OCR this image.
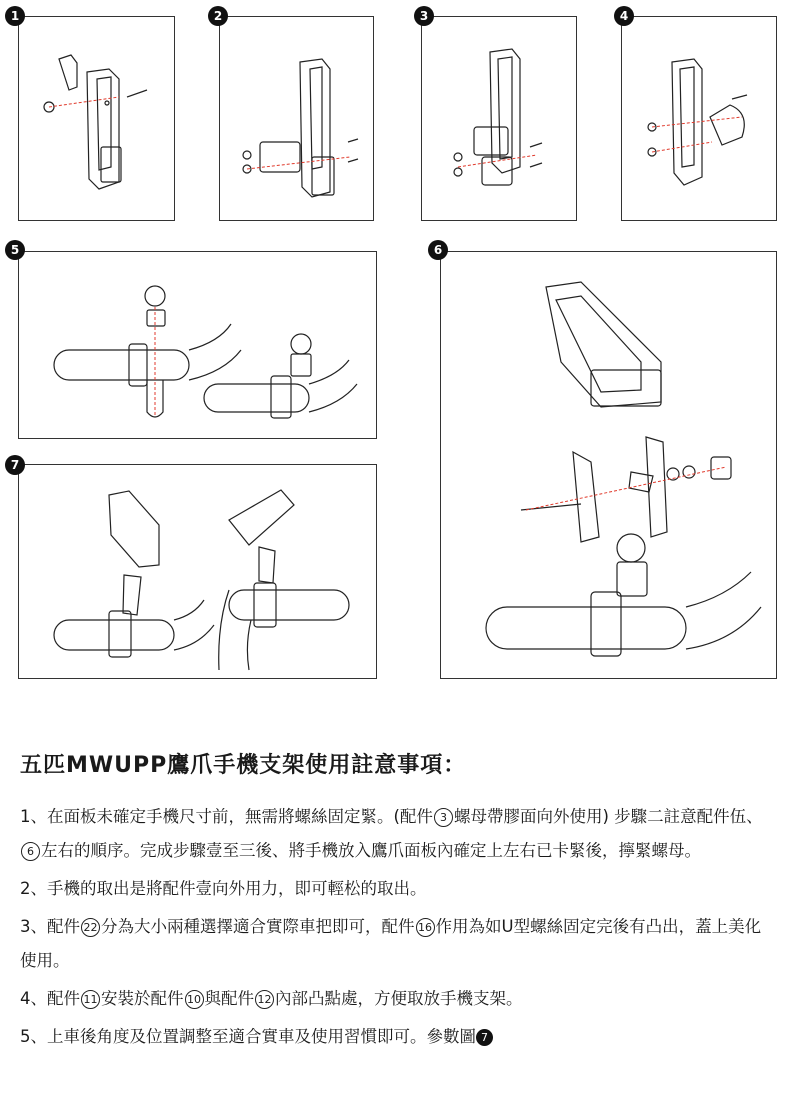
1	2	3	4
5	6
7
五匹MWUPP鷹爪手機支架使用註意事項：
1、在面板未確定手機尺寸前，無需將螺絲固定緊。(配件 3 螺母帶膠面向外使用) 步驟二註意配件伍、6 左右的順序。完成步驟壹至三後、將手機放入鷹爪面板內確定上左右已卡緊後，擰緊螺母。
2、手機的取出是將配件壹向外用力，即可輕松的取出。
3、配件 22 分為大小兩種選擇適合實際車把即可，配件 16 作用為如U型螺絲固定完後有凸出，蓋上美化使用。
4、配件 11 安裝於配件 10 與配件 12 內部凸點處，方便取放手機支架。
5、上車後角度及位置調整至適合實車及使用習慣即可。參數圖 7
